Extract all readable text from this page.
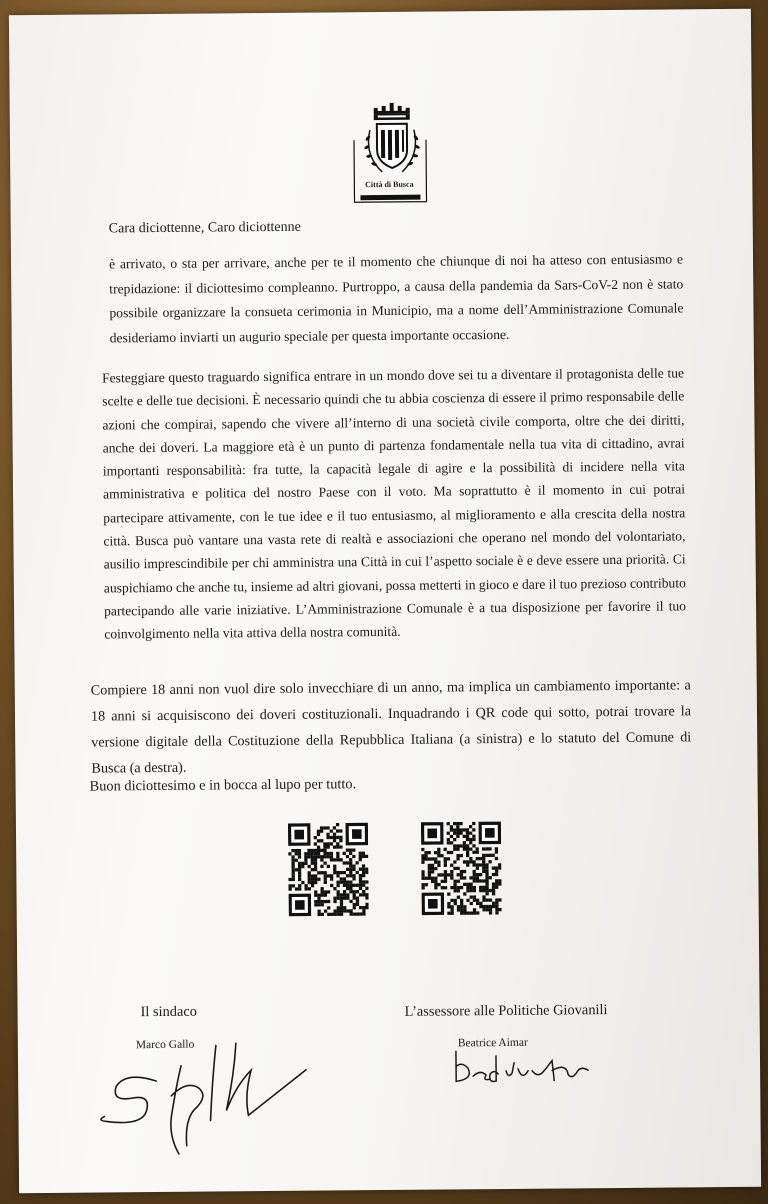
Città di Busca
Cara diciottenne, Caro diciottenne

è arrivato, o sta per arrivare, anche per te il momento che chiunque di noi ha atteso con entusiasmo e trepidazione: il diciottesimo compleanno. Purtroppo, a causa della pandemia da Sars-CoV-2 non è stato possibile organizzare la consueta cerimonia in Municipio, ma a nome dell’Amministrazione Comunale desideriamo inviarti un augurio speciale per questa importante occasione.

Festeggiare questo traguardo significa entrare in un mondo dove sei tu a diventare il protagonista delle tue scelte e delle tue decisioni. È necessario quindi che tu abbia coscienza di essere il primo responsabile delle azioni che compirai, sapendo che vivere all’interno di una società civile comporta, oltre che dei diritti, anche dei doveri. La maggiore età è un punto di partenza fondamentale nella tua vita di cittadino, avrai importanti responsabilità: fra tutte, la capacità legale di agire e la possibilità di incidere nella vita amministrativa e politica del nostro Paese con il voto. Ma soprattutto è il momento in cui potrai partecipare attivamente, con le tue idee e il tuo entusiasmo, al miglioramento e alla crescita della nostra città. Busca può vantare una vasta rete di realtà e associazioni che operano nel mondo del volontariato, ausilio imprescindibile per chi amministra una Città in cui l’aspetto sociale è e deve essere una priorità. Ci auspichiamo che anche tu, insieme ad altri giovani, possa metterti in gioco e dare il tuo prezioso contributo partecipando alle varie iniziative. L’Amministrazione Comunale è a tua disposizione per favorire il tuo coinvolgimento nella vita attiva della nostra comunità.

Compiere 18 anni non vuol dire solo invecchiare di un anno, ma implica un cambiamento importante: a 18 anni si acquisiscono dei doveri costituzionali. Inquadrando i QR code qui sotto, potrai trovare la versione digitale della Costituzione della Repubblica Italiana (a sinistra) e lo statuto del Comune di Busca (a destra).

Buon diciottesimo e in bocca al lupo per tutto.
Il sindaco	L’assessore alle Politiche Giovanili
Marco Gallo	Beatrice Aimar
